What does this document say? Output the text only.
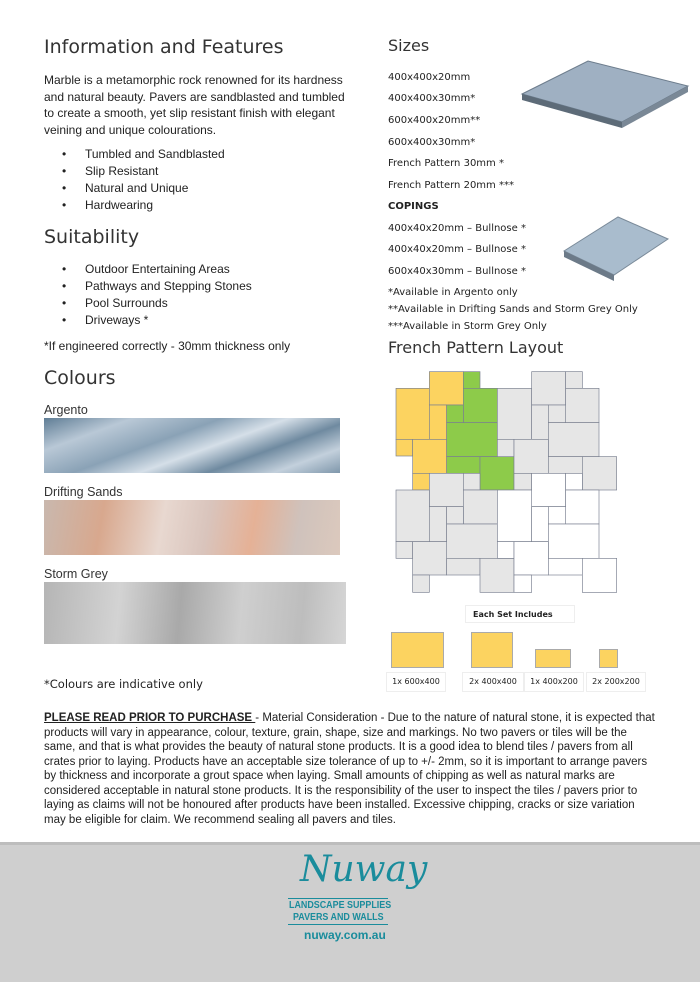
Information and Features
Marble is a metamorphic rock renowned for its hardness and natural beauty. Pavers are sandblasted and tumbled to create a smooth, yet slip resistant finish with elegant veining and unique colourations.
• Tumbled and Sandblasted
• Slip Resistant
• Natural and Unique
• Hardwearing
Suitability
• Outdoor Entertaining Areas
• Pathways and Stepping Stones
• Pool Surrounds
• Driveways *
*If engineered correctly - 30mm thickness only
Colours
Argento
Drifting Sands
Storm Grey
*Colours are indicative only
Sizes
400x400x20mm
400x400x30mm*
600x400x20mm**
600x400x30mm*
French Pattern 30mm *
French Pattern 20mm ***
COPINGS
400x40x20mm – Bullnose *
400x40x20mm – Bullnose *
600x40x30mm – Bullnose *
*Available in Argento only
**Available in Drifting Sands and Storm Grey Only
***Available in Storm Grey Only
French Pattern Layout
Each Set Includes
1x 600x400	2x 400x400	1x 400x200	2x 200x200
PLEASE READ PRIOR TO PURCHASE - Material Consideration - Due to the nature of natural stone, it is expected that products will vary in appearance, colour, texture, grain, shape, size and markings. No two pavers or tiles will be the same, and that is what provides the beauty of natural stone products. It is a good idea to blend tiles / pavers from all crates prior to laying. Products have an acceptable size tolerance of up to +/- 2mm, so it is important to arrange pavers by thickness and incorporate a grout space when laying. Small amounts of chipping as well as natural marks are considered acceptable in natural stone products. It is the responsibility of the user to inspect the tiles / pavers prior to laying as claims will not be honoured after products have been installed. Excessive chipping, cracks or size variation may be eligible for claim. We recommend sealing all pavers and tiles.
Nuway
LANDSCAPE SUPPLIES
PAVERS AND WALLS
nuway.com.au
